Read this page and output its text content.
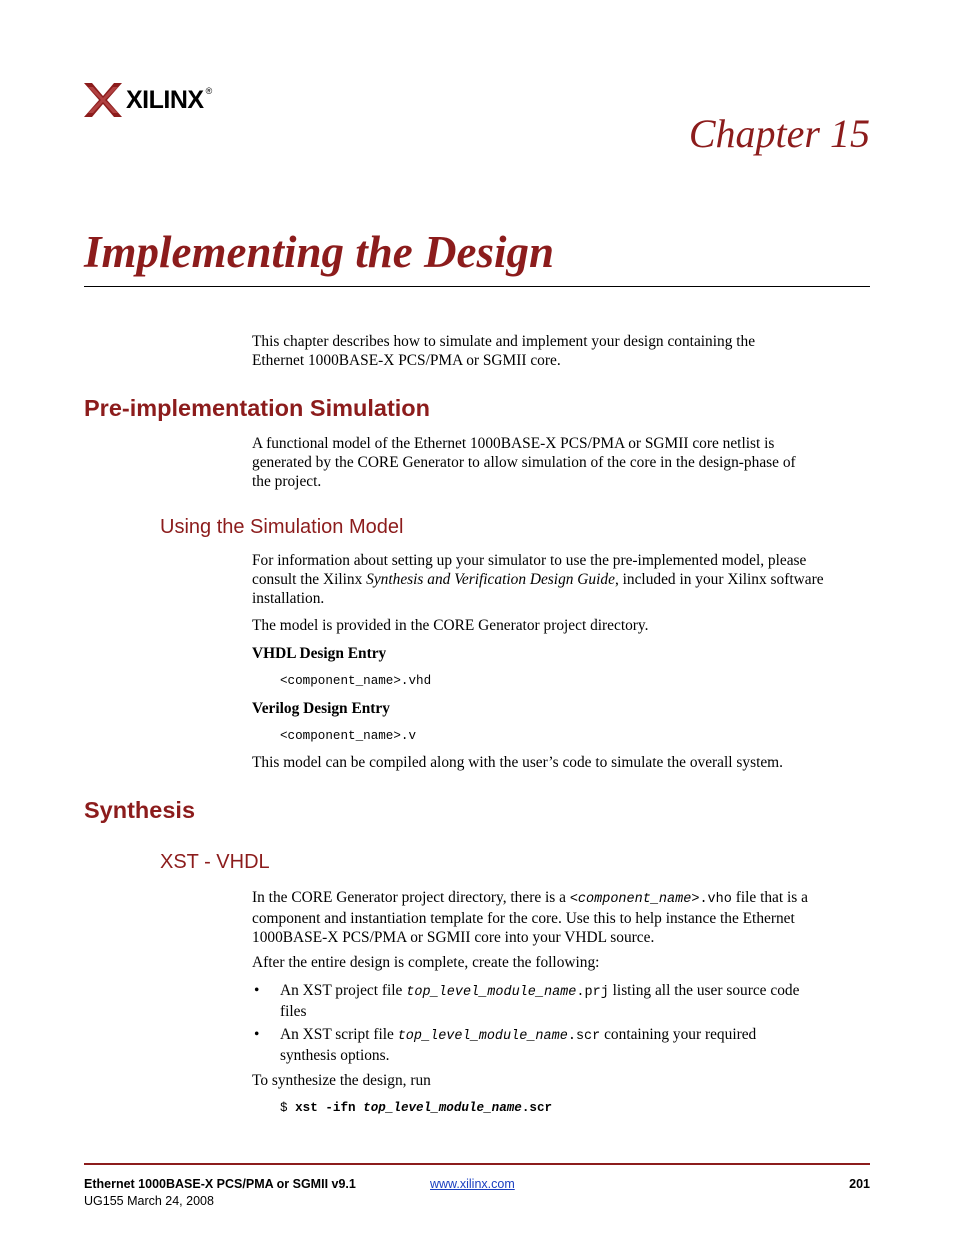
XILINX ®
Chapter 15
Implementing the Design
This chapter describes how to simulate and implement your design containing the
Ethernet 1000BASE-X PCS/PMA or SGMII core.
Pre-implementation Simulation
A functional model of the Ethernet 1000BASE-X PCS/PMA or SGMII core netlist is
generated by the CORE Generator to allow simulation of the core in the design-phase of
the project.
Using the Simulation Model
For information about setting up your simulator to use the pre-implemented model, please
consult the Xilinx Synthesis and Verification Design Guide, included in your Xilinx software
installation.
The model is provided in the CORE Generator project directory.
VHDL Design Entry
<component_name>.vhd
Verilog Design Entry
<component_name>.v
This model can be compiled along with the user’s code to simulate the overall system.
Synthesis
XST - VHDL
In the CORE Generator project directory, there is a <component_name>.vho file that is a
component and instantiation template for the core. Use this to help instance the Ethernet
1000BASE-X PCS/PMA or SGMII core into your VHDL source.
After the entire design is complete, create the following:
• An XST project file top_level_module_name.prj listing all the user source code
files
• An XST script file top_level_module_name.scr containing your required
synthesis options.
To synthesize the design, run
$ xst -ifn top_level_module_name.scr
Ethernet 1000BASE-X PCS/PMA or SGMII v9.1
UG155 March 24, 2008
www.xilinx.com	201
